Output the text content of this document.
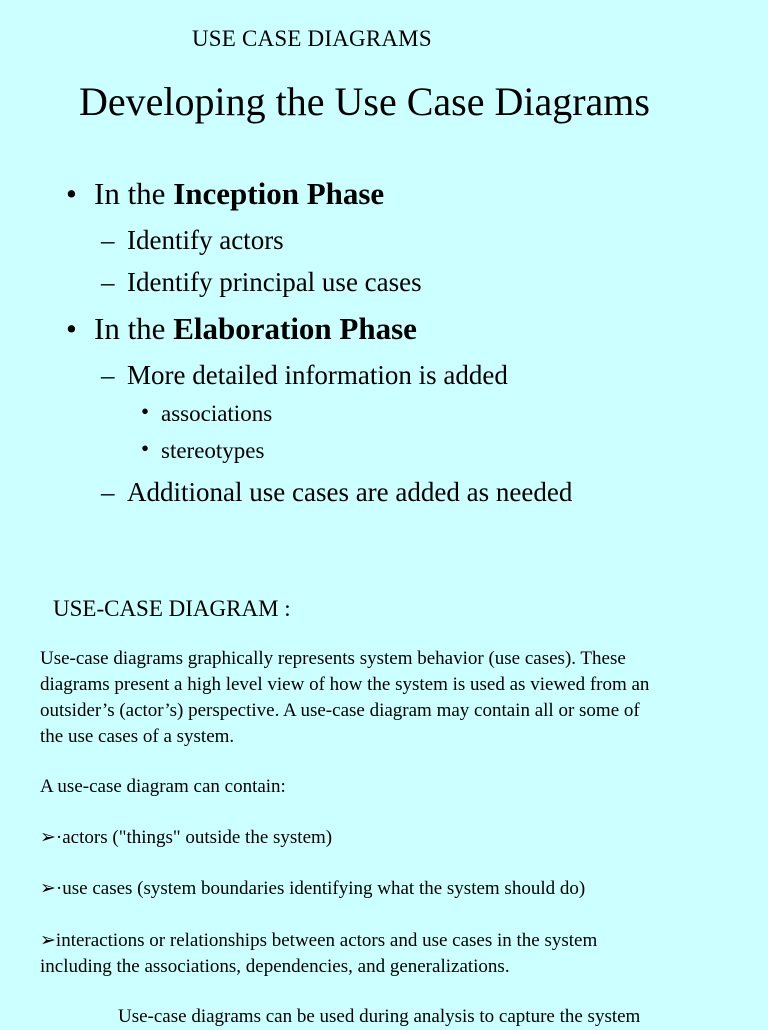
USE CASE DIAGRAMS
Developing the Use Case Diagrams
• In the Inception Phase
– Identify actors
– Identify principal use cases
• In the Elaboration Phase
– More detailed information is added
• associations
• stereotypes
– Additional use cases are added as needed
USE-CASE DIAGRAM :
Use-case diagrams graphically represents system behavior (use cases). These
diagrams present a high level view of how the system is used as viewed from an
outsider’s (actor’s) perspective. A use-case diagram may contain all or some of
the use cases of a system.
A use-case diagram can contain:
➢·actors ("things" outside the system)
➢·use cases (system boundaries identifying what the system should do)
➢interactions or relationships between actors and use cases in the system
including the associations, dependencies, and generalizations.
Use-case diagrams can be used during analysis to capture the system
